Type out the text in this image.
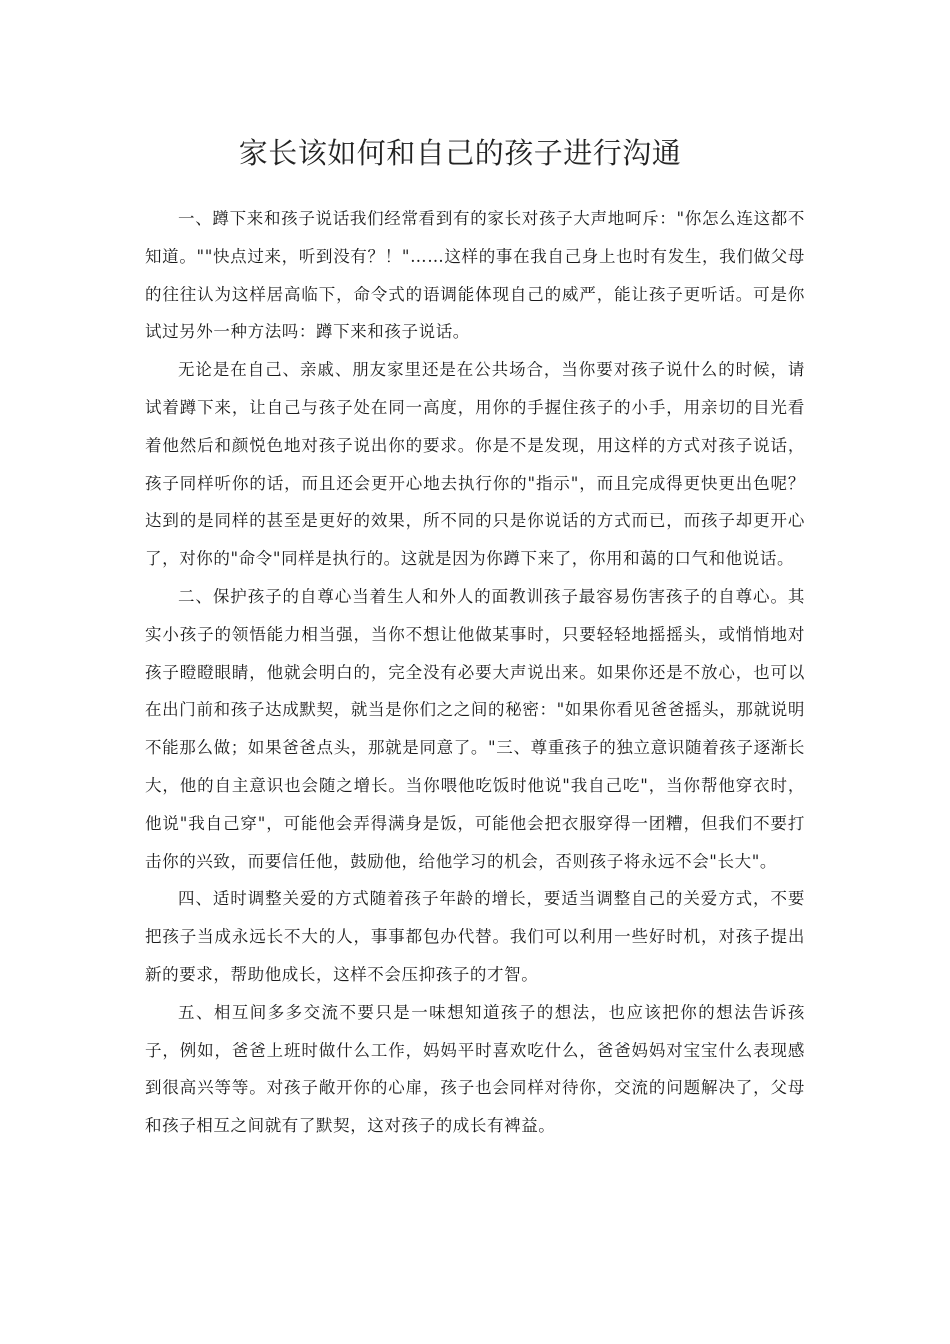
家长该如何和自己的孩子进行沟通

一、蹲下来和孩子说话我们经常看到有的家长对孩子大声地呵斥："你怎么连这都不知道。""快点过来，听到没有？！"……这样的事在我自己身上也时有发生，我们做父母的往往认为这样居高临下，命令式的语调能体现自己的威严，能让孩子更听话。可是你试过另外一种方法吗：蹲下来和孩子说话。

无论是在自己、亲戚、朋友家里还是在公共场合，当你要对孩子说什么的时候，请试着蹲下来，让自己与孩子处在同一高度，用你的手握住孩子的小手，用亲切的目光看着他然后和颜悦色地对孩子说出你的要求。你是不是发现，用这样的方式对孩子说话，孩子同样听你的话，而且还会更开心地去执行你的"指示"，而且完成得更快更出色呢？达到的是同样的甚至是更好的效果，所不同的只是你说话的方式而已，而孩子却更开心了，对你的"命令"同样是执行的。这就是因为你蹲下来了，你用和蔼的口气和他说话。

二、保护孩子的自尊心当着生人和外人的面教训孩子最容易伤害孩子的自尊心。其实小孩子的领悟能力相当强，当你不想让他做某事时，只要轻轻地摇摇头，或悄悄地对孩子瞪瞪眼睛，他就会明白的，完全没有必要大声说出来。如果你还是不放心，也可以在出门前和孩子达成默契，就当是你们之之间的秘密："如果你看见爸爸摇头，那就说明不能那么做；如果爸爸点头，那就是同意了。"三、尊重孩子的独立意识随着孩子逐渐长大，他的自主意识也会随之增长。当你喂他吃饭时他说"我自己吃"，当你帮他穿衣时，他说"我自己穿"，可能他会弄得满身是饭，可能他会把衣服穿得一团糟，但我们不要打击你的兴致，而要信任他，鼓励他，给他学习的机会，否则孩子将永远不会"长大"。

四、适时调整关爱的方式随着孩子年龄的增长，要适当调整自己的关爱方式，不要把孩子当成永远长不大的人，事事都包办代替。我们可以利用一些好时机，对孩子提出新的要求，帮助他成长，这样不会压抑孩子的才智。

五、相互间多多交流不要只是一味想知道孩子的想法，也应该把你的想法告诉孩子，例如，爸爸上班时做什么工作，妈妈平时喜欢吃什么，爸爸妈妈对宝宝什么表现感到很高兴等等。对孩子敞开你的心扉，孩子也会同样对待你，交流的问题解决了，父母和孩子相互之间就有了默契，这对孩子的成长有裨益。
